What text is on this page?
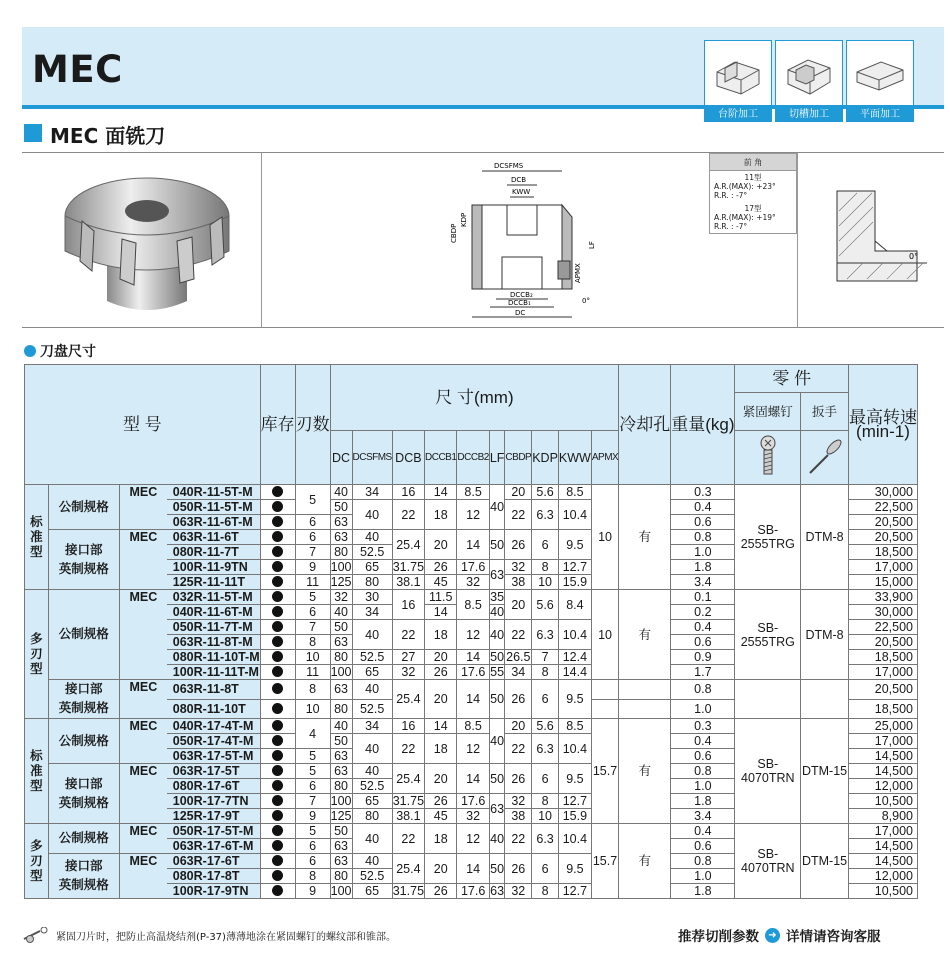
MEC
台阶加工	切槽加工	平面加工
MEC 面铣刀
DCSFMS
DCB
KWW
CBDP
KDP
LF
APMX
DCCB₂
DCCB₁
DC
0°
0°
前 角
11型
A.R.(MAX): +23°
R.R. : -7°
17型
A.R.(MAX): +19°
R.R. : -7°
刀盘尺寸
型 号				库存	刃数	尺 寸(mm)										冷却孔	重量(kg)	零 件		最高转速
(min-1)
																		紧固螺钉	扳手	
						DC	DCSFMS	DCB	DCCB1	DCCB2	LF	CBDP	KDP	KWW	APMX		

标
准
型	公制规格	MEC	040R-11-5T-M		5	40	34	16	14	8.5	40	20	5.6	8.5	10	有	0.3	SB-2555TRG	DTM-8	30,000
			050R-11-5T-M			50	40	22	18	12		22	6.3	10.4			0.4			22,500
			063R-11-6T-M		6	63											0.6			20,500
	接口部
英制规格	MEC	063R-11-6T		6	63	40	25.4	20	14	50	26	6	9.5			0.8			20,500
			080R-11-7T		7	80	52.5										1.0			18,500
			100R-11-9TN		9	100	65	31.75	26	17.6	63	32	8	12.7			1.8			17,000
			125R-11-11T		11	125	80	38.1	45	32		38	10	15.9			3.4			15,000
多
刃
型	公制规格	MEC	032R-11-5T-M		5	32	30	16	11.5	8.5	35	20	5.6	8.4	10	有	0.1	SB-2555TRG	DTM-8	33,900
			040R-11-6T-M		6	40	34		14		40						0.2			30,000
			050R-11-7T-M		7	50	40	22	18	12	40	22	6.3	10.4			0.4			22,500
			063R-11-8T-M		8	63											0.6			20,500
			080R-11-10T-M		10	80	52.5	27	20	14	50	26.5	7	12.4			0.9			18,500
			100R-11-11T-M		11	100	65	32	26	17.6	55	34	8	14.4			1.7			17,000
	接口部
英制规格	MEC	063R-11-8T		8	63	40	25.4	20	14	50	26	6	9.5			0.8			20,500
			080R-11-10T		10	80	52.5										1.0			18,500
标
准
型	公制规格	MEC	040R-17-4T-M		4	40	34	16	14	8.5	40	20	5.6	8.5	15.7	有	0.3	SB-4070TRN	DTM-15	25,000
			050R-17-4T-M			50	40	22	18	12		22	6.3	10.4			0.4			17,000
			063R-17-5T-M		5	63											0.6			14,500
	接口部
英制规格	MEC	063R-17-5T		5	63	40	25.4	20	14	50	26	6	9.5			0.8			14,500
			080R-17-6T		6	80	52.5										1.0			12,000
			100R-17-7TN		7	100	65	31.75	26	17.6	63	32	8	12.7			1.8			10,500
			125R-17-9T		9	125	80	38.1	45	32		38	10	15.9			3.4			8,900
多
刃
型	公制规格	MEC	050R-17-5T-M		5	50	40	22	18	12	40	22	6.3	10.4	15.7	有	0.4	SB-4070TRN	DTM-15	17,000
			063R-17-6T-M		6	63											0.6			14,500
	接口部
英制规格	MEC	063R-17-6T		6	63	40	25.4	20	14	50	26	6	9.5			0.8			14,500
			080R-17-8T		8	80	52.5										1.0			12,000
			100R-17-9TN		9	100	65	31.75	26	17.6	63	32	8	12.7			1.8			10,500
紧固刀片时，把防止高温烧结剂(P-37)薄薄地涂在紧固螺钉的螺纹部和锥部。	推荐切削参数 ➜ 详情请咨询客服
